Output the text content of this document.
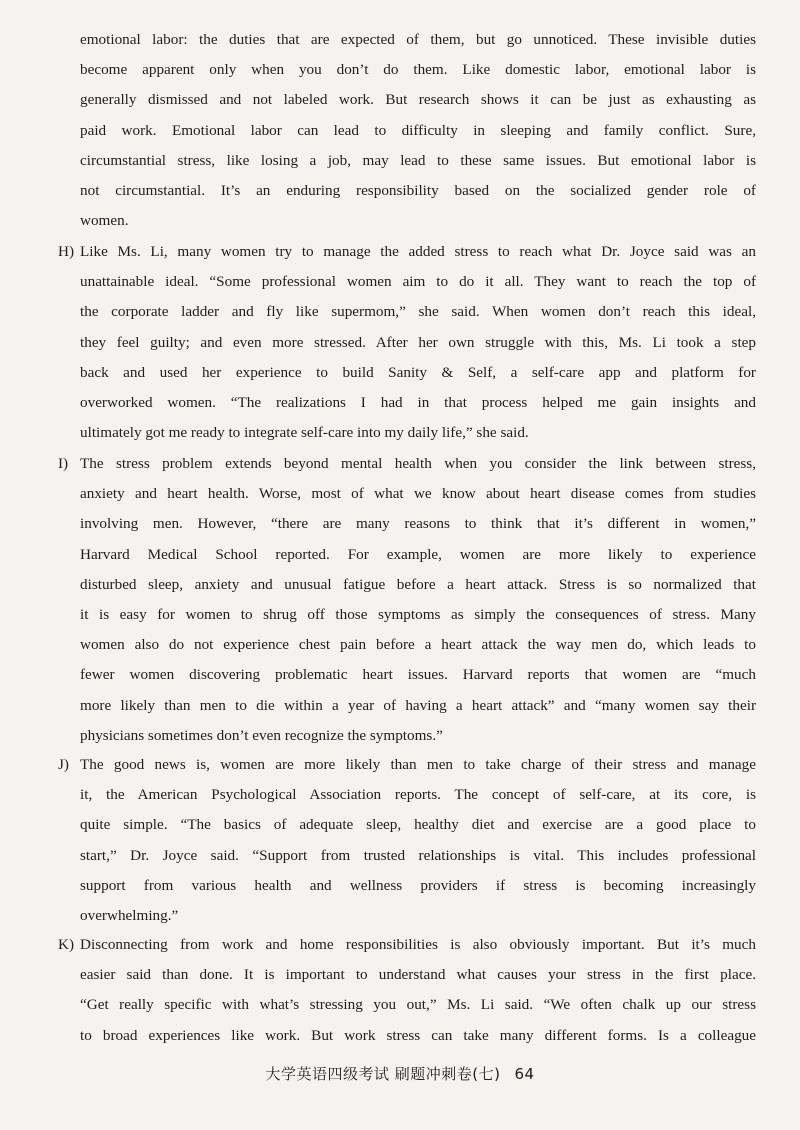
emotional labor: the duties that are expected of them, but go unnoticed. These invisible duties
become apparent only when you don’t do them. Like domestic labor, emotional labor is
generally dismissed and not labeled work. But research shows it can be just as exhausting as
paid work. Emotional labor can lead to difficulty in sleeping and family conflict. Sure,
circumstantial stress, like losing a job, may lead to these same issues. But emotional labor is
not circumstantial. It’s an enduring responsibility based on the socialized gender role of
women.
H) Like Ms. Li, many women try to manage the added stress to reach what Dr. Joyce said was an
unattainable ideal. “Some professional women aim to do it all. They want to reach the top of
the corporate ladder and fly like supermom,” she said. When women don’t reach this ideal,
they feel guilty; and even more stressed. After her own struggle with this, Ms. Li took a step
back and used her experience to build Sanity & Self, a self-care app and platform for
overworked women. “The realizations I had in that process helped me gain insights and
ultimately got me ready to integrate self-care into my daily life,” she said.
I) The stress problem extends beyond mental health when you consider the link between stress,
anxiety and heart health. Worse, most of what we know about heart disease comes from studies
involving men. However, “there are many reasons to think that it’s different in women,”
Harvard Medical School reported. For example, women are more likely to experience
disturbed sleep, anxiety and unusual fatigue before a heart attack. Stress is so normalized that
it is easy for women to shrug off those symptoms as simply the consequences of stress. Many
women also do not experience chest pain before a heart attack the way men do, which leads to
fewer women discovering problematic heart issues. Harvard reports that women are “much
more likely than men to die within a year of having a heart attack” and “many women say their
physicians sometimes don’t even recognize the symptoms.”
J) The good news is, women are more likely than men to take charge of their stress and manage
it, the American Psychological Association reports. The concept of self-care, at its core, is
quite simple. “The basics of adequate sleep, healthy diet and exercise are a good place to
start,” Dr. Joyce said. “Support from trusted relationships is vital. This includes professional
support from various health and wellness providers if stress is becoming increasingly
overwhelming.”
K) Disconnecting from work and home responsibilities is also obviously important. But it’s much
easier said than done. It is important to understand what causes your stress in the first place.
“Get really specific with what’s stressing you out,” Ms. Li said. “We often chalk up our stress
to broad experiences like work. But work stress can take many different forms. Is a colleague
大学英语四级考试 刷题冲刺卷(七) 64
